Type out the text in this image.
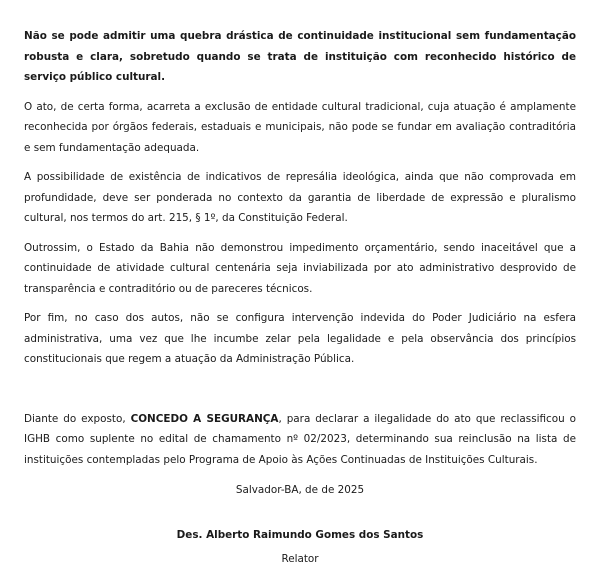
Não se pode admitir uma quebra drástica de continuidade institucional sem fundamentação robusta e clara, sobretudo quando se trata de instituição com reconhecido histórico de serviço público cultural.

O ato, de certa forma, acarreta a exclusão de entidade cultural tradicional, cuja atuação é amplamente reconhecida por órgãos federais, estaduais e municipais, não pode se fundar em avaliação contraditória e sem fundamentação adequada.

A possibilidade de existência de indicativos de represália ideológica, ainda que não comprovada em profundidade, deve ser ponderada no contexto da garantia de liberdade de expressão e pluralismo cultural, nos termos do art. 215, § 1º, da Constituição Federal.

Outrossim, o Estado da Bahia não demonstrou impedimento orçamentário, sendo inaceitável que a continuidade de atividade cultural centenária seja inviabilizada por ato administrativo desprovido de transparência e contraditório ou de pareceres técnicos.

Por fim, no caso dos autos, não se configura intervenção indevida do Poder Judiciário na esfera administrativa, uma vez que lhe incumbe zelar pela legalidade e pela observância dos princípios constitucionais que regem a atuação da Administração Pública.

Diante do exposto, CONCEDO A SEGURANÇA, para declarar a ilegalidade do ato que reclassificou o IGHB como suplente no edital de chamamento nº 02/2023, determinando sua reinclusão na lista de instituições contempladas pelo Programa de Apoio às Ações Continuadas de Instituições Culturais.

Salvador-BA, de de 2025

Des. Alberto Raimundo Gomes dos Santos

Relator
